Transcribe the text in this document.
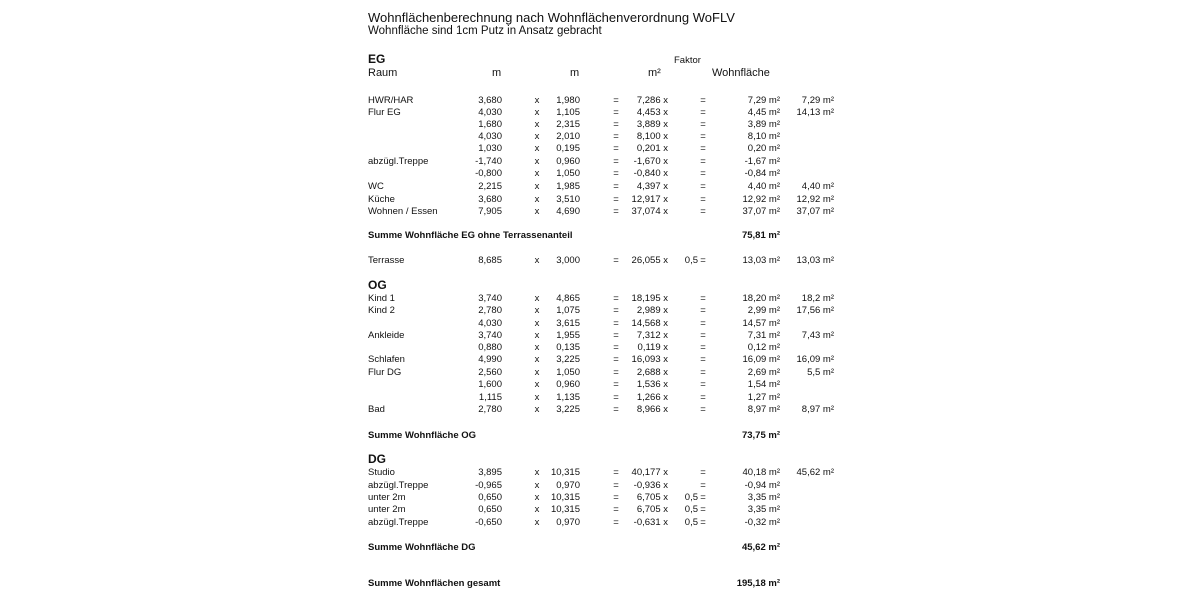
Wohnflächenberechnung nach Wohnflächenverordnung WoFLV
Wohnfläche sind 1cm Putz in Ansatz gebracht
EG	Faktor
Raum	m	m	m²	Wohnfläche
HWR/HAR	3,680	x	1,980	=	7,286 x	=	7,29 m²	7,29 m²
Flur EG	4,030	x	1,105	=	4,453 x	=	4,45 m²	14,13 m²
1,680	x	2,315	=	3,889 x	=	3,89 m²
4,030	x	2,010	=	8,100 x	=	8,10 m²
1,030	x	0,195	=	0,201 x	=	0,20 m²
abzügl.Treppe	-1,740	x	0,960	=	-1,670 x	=	-1,67 m²
-0,800	x	1,050	=	-0,840 x	=	-0,84 m²
WC	2,215	x	1,985	=	4,397 x	=	4,40 m²	4,40 m²
Küche	3,680	x	3,510	=	12,917 x	=	12,92 m²	12,92 m²
Wohnen / Essen	7,905	x	4,690	=	37,074 x	=	37,07 m²	37,07 m²
Summe Wohnfläche EG ohne Terrassenanteil	75,81 m²
Terrasse	8,685	x	3,000	=	26,055 x	0,5 =	13,03 m²	13,03 m²
OG
Kind 1	3,740	x	4,865	=	18,195 x	=	18,20 m²	18,2 m²
Kind 2	2,780	x	1,075	=	2,989 x	=	2,99 m²	17,56 m²
4,030	x	3,615	=	14,568 x	=	14,57 m²
Ankleide	3,740	x	1,955	=	7,312 x	=	7,31 m²	7,43 m²
0,880	x	0,135	=	0,119 x	=	0,12 m²
Schlafen	4,990	x	3,225	=	16,093 x	=	16,09 m²	16,09 m²
Flur DG	2,560	x	1,050	=	2,688 x	=	2,69 m²	5,5 m²
1,600	x	0,960	=	1,536 x	=	1,54 m²
1,115	x	1,135	=	1,266 x	=	1,27 m²
Bad	2,780	x	3,225	=	8,966 x	=	8,97 m²	8,97 m²
Summe Wohnfläche OG	73,75 m²
DG
Studio	3,895	x	10,315	=	40,177 x	=	40,18 m²	45,62 m²
abzügl.Treppe	-0,965	x	0,970	=	-0,936 x	=	-0,94 m²
unter 2m	0,650	x	10,315	=	6,705 x	0,5 =	3,35 m²
unter 2m	0,650	x	10,315	=	6,705 x	0,5 =	3,35 m²
abzügl.Treppe	-0,650	x	0,970	=	-0,631 x	0,5 =	-0,32 m²
Summe Wohnfläche DG	45,62 m²
Summe Wohnflächen gesamt	195,18 m²
